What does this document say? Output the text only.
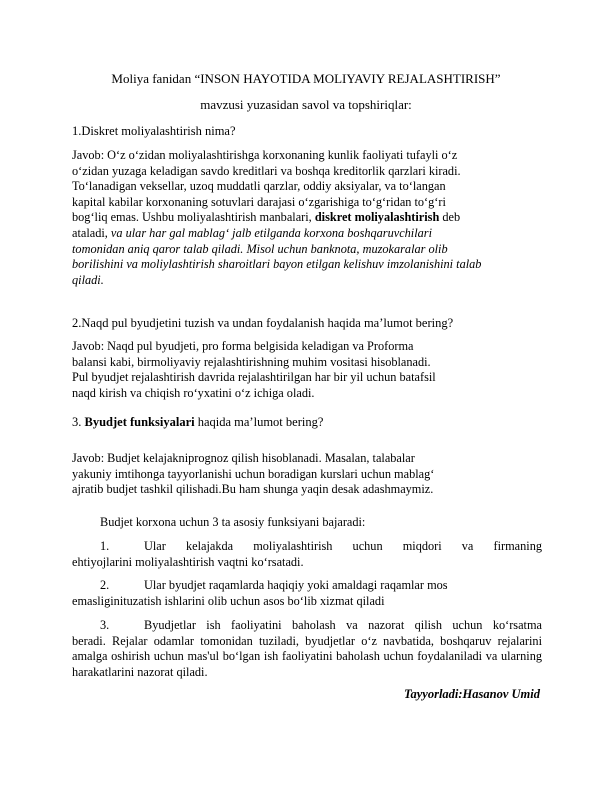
Moliya fanidan “INSON HAYOTIDA MOLIYAVIY REJALASHTIRISH”
mavzusi yuzasidan savol va topshiriqlar:
1.Diskret moliyalashtirish nima?
Javob: O‘z o‘zidan moliyalashtirishga korxonaning kunlik faoliyati tufayli o‘z
o‘zidan yuzaga keladigan savdo kreditlari va boshqa kreditorlik qarzlari kiradi.
To‘lanadigan veksellar, uzoq muddatli qarzlar, oddiy aksiyalar, va to‘langan
kapital kabilar korxonaning sotuvlari darajasi o‘zgarishiga to‘g‘ridan to‘g‘ri
bog‘liq emas. Ushbu moliyalashtirish manbalari, diskret moliyalashtirish deb
ataladi, va ular har gal mablag‘ jalb etilganda korxona boshqaruvchilari
tomonidan aniq qaror talab qiladi. Misol uchun banknota, muzokaralar olib
borilishini va moliylashtirish sharoitlari bayon etilgan kelishuv imzolanishini talab
qiladi.
2.Naqd pul byudjetini tuzish va undan foydalanish haqida ma’lumot bering?
Javob: Naqd pul byudjeti, pro forma belgisida keladigan va Proforma
balansi kabi, birmoliyaviy rejalashtirishning muhim vositasi hisoblanadi.
Pul byudjet rejalashtirish davrida rejalashtirilgan har bir yil uchun batafsil
naqd kirish va chiqish ro‘yxatini o‘z ichiga oladi.
3. Byudjet funksiyalari haqida ma’lumot bering?
Javob: Budjet kelajakniprognoz qilish hisoblanadi. Masalan, talabalar
yakuniy imtihonga tayyorlanishi uchun boradigan kurslari uchun mablag‘
ajratib budjet tashkil qilishadi.Bu ham shunga yaqin desak adashmaymiz.
Budjet korxona uchun 3 ta asosiy funksiyani bajaradi:
1.	Ular kelajakda moliyalashtirish uchun miqdori va firmaning
ehtiyojlarini moliyalashtirish vaqtni ko‘rsatadi.
2.	Ular byudjet raqamlarda haqiqiy yoki amaldagi raqamlar mos
emasliginituzatish ishlarini olib uchun asos bo‘lib xizmat qiladi
3.	Byudjetlar ish faoliyatini baholash va nazorat qilish uchun ko‘rsatma
beradi. Rejalar odamlar tomonidan tuziladi, byudjetlar o‘z navbatida, boshqaruv rejalarini amalga oshirish uchun mas'ul bo‘lgan ish faoliyatini baholash uchun foydalaniladi va ularning harakatlarini nazorat qiladi.
Tayyorladi:Hasanov Umid
